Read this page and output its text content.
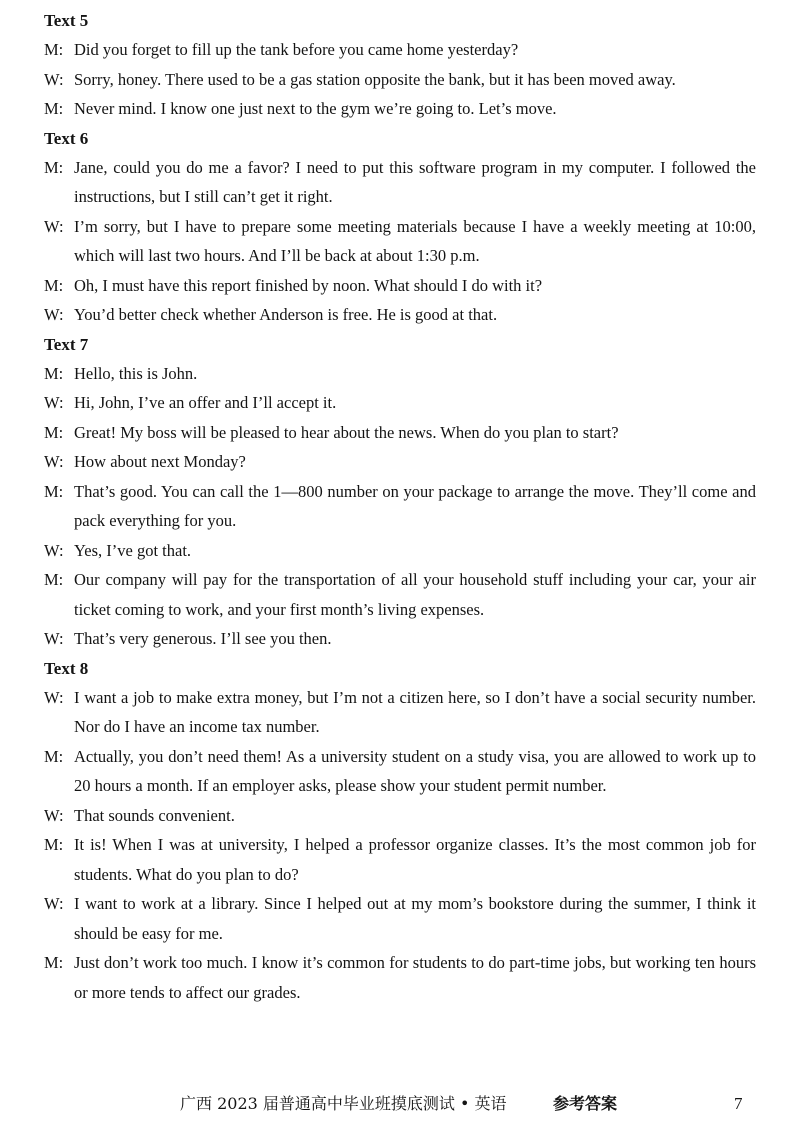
Text 5
M: Did you forget to fill up the tank before you came home yesterday?
W: Sorry, honey. There used to be a gas station opposite the bank, but it has been moved away.
M: Never mind. I know one just next to the gym we’re going to. Let’s move.
Text 6
M: Jane, could you do me a favor? I need to put this software program in my computer. I followed the instructions, but I still can’t get it right.
W: I’m sorry, but I have to prepare some meeting materials because I have a weekly meeting at 10:00, which will last two hours. And I’ll be back at about 1:30 p.m.
M: Oh, I must have this report finished by noon. What should I do with it?
W: You’d better check whether Anderson is free. He is good at that.
Text 7
M: Hello, this is John.
W: Hi, John, I’ve an offer and I’ll accept it.
M: Great! My boss will be pleased to hear about the news. When do you plan to start?
W: How about next Monday?
M: That’s good. You can call the 1—800 number on your package to arrange the move. They’ll come and pack everything for you.
W: Yes, I’ve got that.
M: Our company will pay for the transportation of all your household stuff including your car, your air ticket coming to work, and your first month’s living expenses.
W: That’s very generous. I’ll see you then.
Text 8
W: I want a job to make extra money, but I’m not a citizen here, so I don’t have a social security number. Nor do I have an income tax number.
M: Actually, you don’t need them! As a university student on a study visa, you are allowed to work up to 20 hours a month. If an employer asks, please show your student permit number.
W: That sounds convenient.
M: It is! When I was at university, I helped a professor organize classes. It’s the most common job for students. What do you plan to do?
W: I want to work at a library. Since I helped out at my mom’s bookstore during the summer, I think it should be easy for me.
M: Just don’t work too much. I know it’s common for students to do part-time jobs, but working ten hours or more tends to affect our grades.
广西 2023 届普通高中毕业班摸底测试 • 英语	参考答案	7
